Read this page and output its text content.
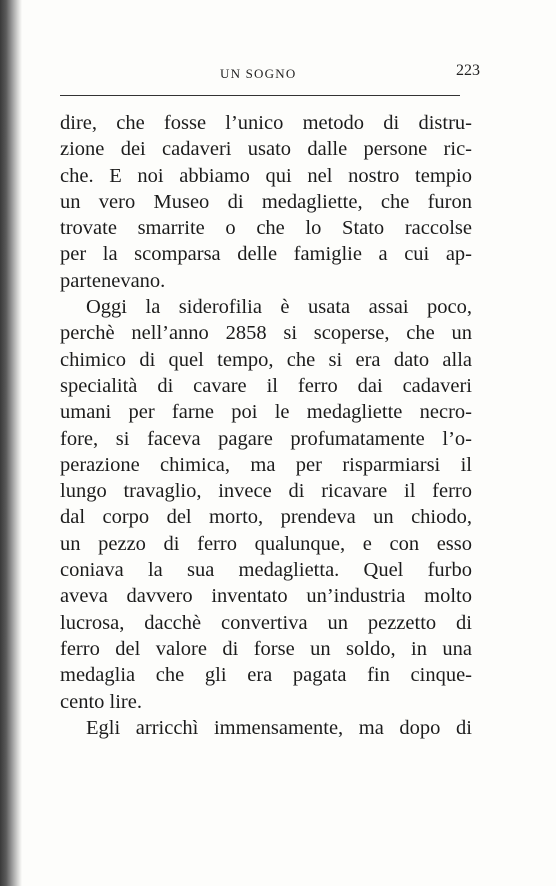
UN SOGNO	223
dire, che fosse l’unico metodo di distru-
zione dei cadaveri usato dalle persone ric-
che. E noi abbiamo qui nel nostro tempio
un vero Museo di medagliette, che furon
trovate smarrite o che lo Stato raccolse
per la scomparsa delle famiglie a cui ap-
partenevano.
Oggi la siderofilia è usata assai poco,
perchè nell’anno 2858 si scoperse, che un
chimico di quel tempo, che si era dato alla
specialità di cavare il ferro dai cadaveri
umani per farne poi le medagliette necro-
fore, si faceva pagare profumatamente l’o-
perazione chimica, ma per risparmiarsi il
lungo travaglio, invece di ricavare il ferro
dal corpo del morto, prendeva un chiodo,
un pezzo di ferro qualunque, e con esso
coniava la sua medaglietta. Quel furbo
aveva davvero inventato un’industria molto
lucrosa, dacchè convertiva un pezzetto di
ferro del valore di forse un soldo, in una
medaglia che gli era pagata fin cinque-
cento lire.
Egli arricchì immensamente, ma dopo di
